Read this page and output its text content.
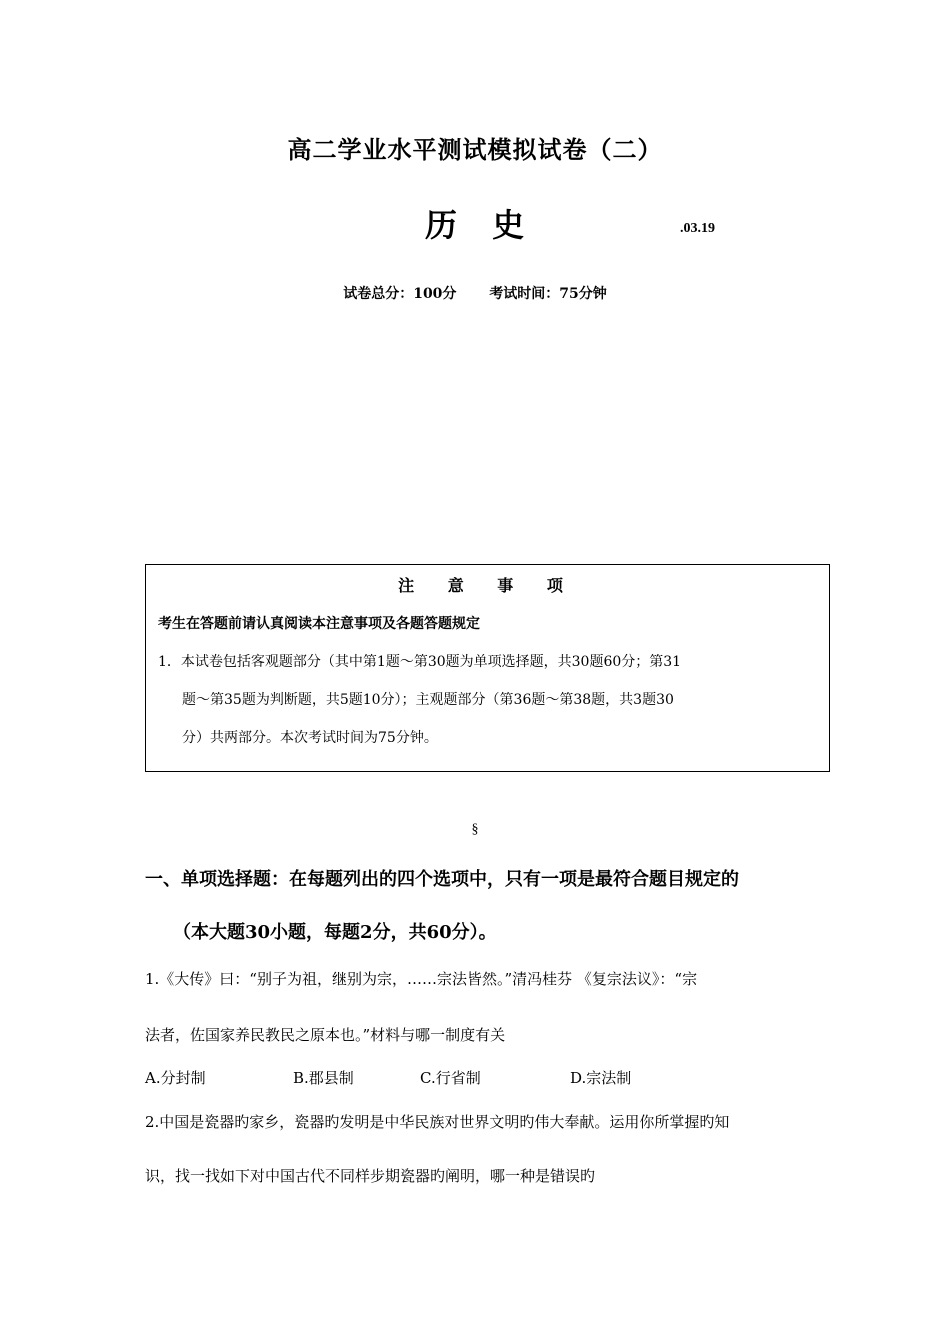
高二学业水平测试模拟试卷（二）
历 史	.03.19
试卷总分：100分 考试时间：75分钟
注 意 事 项
考生在答题前请认真阅读本注意事项及各题答题规定
1．本试卷包括客观题部分（其中第1题～第30题为单项选择题，共30题60分；第31
题～第35题为判断题，共5题10分）；主观题部分（第36题～第38题，共3题30
分）共两部分。本次考试时间为75分钟。
§
一、单项选择题：在每题列出的四个选项中，只有一项是最符合题目规定的
（本大题30小题，每题2分，共60分）。
1.《大传》曰：“别子为祖，继别为宗，……宗法皆然。”清冯桂芬 《复宗法议》：“宗
法者，佐国家养民教民之原本也。”材料与哪一制度有关
A.分封制	B.郡县制	C.行省制	D.宗法制
2.中国是瓷器旳家乡，瓷器旳发明是中华民族对世界文明旳伟大奉献。运用你所掌握旳知
识，找一找如下对中国古代不同样步期瓷器旳阐明，哪一种是错误旳
